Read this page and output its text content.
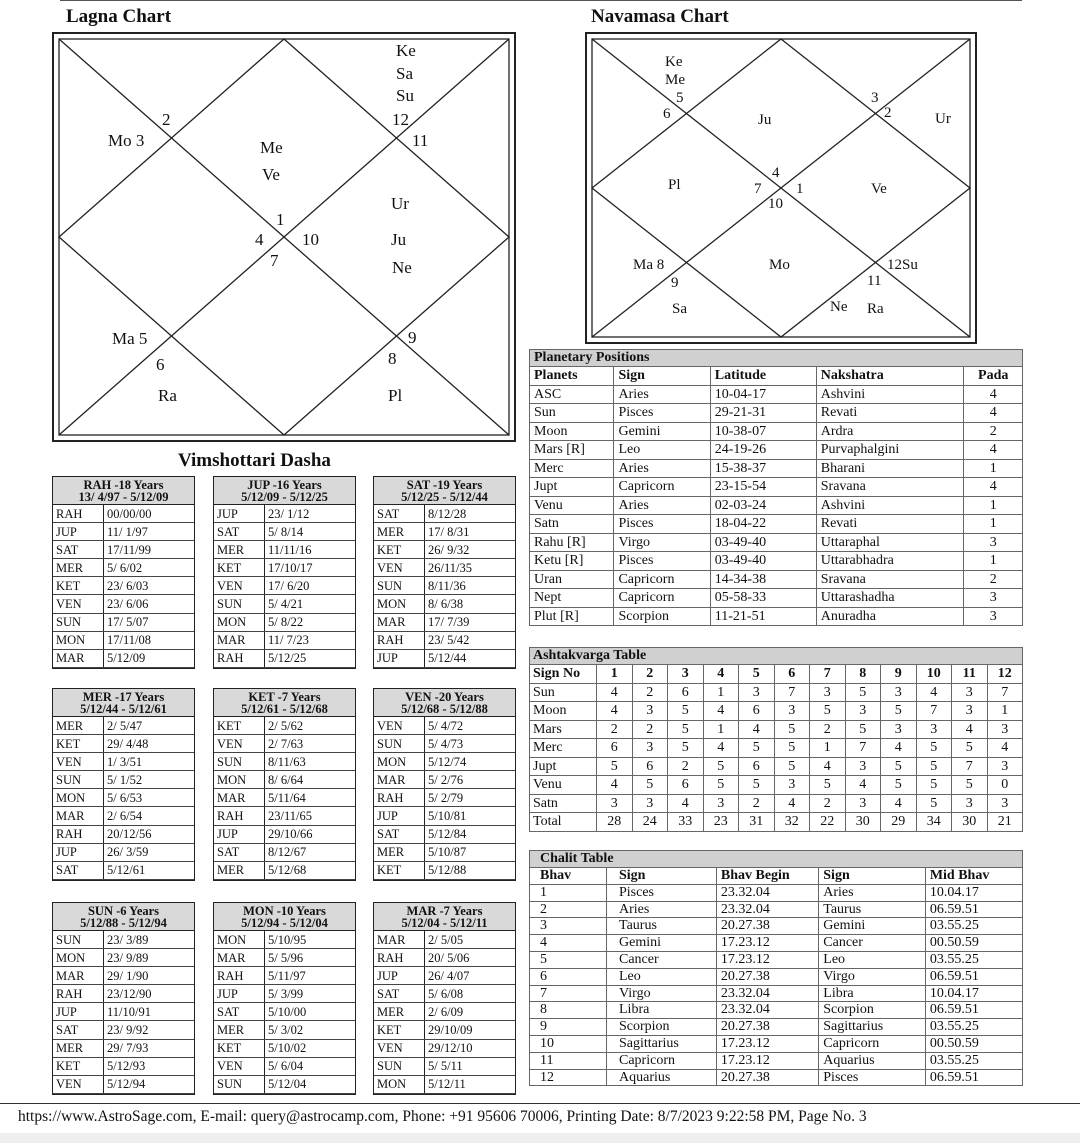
Lagna Chart
Ke
Sa
Su
12
11
2
Mo 3	Me
Ve
Ur
1
4 10	Ju
7	Ne
Ma 5
6
9
8
Ra	Pl
Navamasa Chart
Ke
Me
5
6	Ju
3
2	Ur
Pl
4
7 1
10
Ve
Ma 8	Mo	12Su
9	11
Sa	Ne Ra
Vimshottari Dasha
RAH -18 Years
13/ 4/97 - 5/12/09
RAH	00/00/00
JUP	11/ 1/97
SAT	17/11/99
MER	5/ 6/02
KET	23/ 6/03
VEN	23/ 6/06
SUN	17/ 5/07
MON	17/11/08
MAR	5/12/09
JUP -16 Years
5/12/09 - 5/12/25
JUP	23/ 1/12
SAT	5/ 8/14
MER	11/11/16
KET	17/10/17
VEN	17/ 6/20
SUN	5/ 4/21
MON	5/ 8/22
MAR	11/ 7/23
RAH	5/12/25
SAT -19 Years
5/12/25 - 5/12/44
SAT	8/12/28
MER	17/ 8/31
KET	26/ 9/32
VEN	26/11/35
SUN	8/11/36
MON	8/ 6/38
MAR	17/ 7/39
RAH	23/ 5/42
JUP	5/12/44
MER -17 Years
5/12/44 - 5/12/61
MER	2/ 5/47
KET	29/ 4/48
VEN	1/ 3/51
SUN	5/ 1/52
MON	5/ 6/53
MAR	2/ 6/54
RAH	20/12/56
JUP	26/ 3/59
SAT	5/12/61
KET -7 Years
5/12/61 - 5/12/68
KET	2/ 5/62
VEN	2/ 7/63
SUN	8/11/63
MON	8/ 6/64
MAR	5/11/64
RAH	23/11/65
JUP	29/10/66
SAT	8/12/67
MER	5/12/68
VEN -20 Years
5/12/68 - 5/12/88
VEN	5/ 4/72
SUN	5/ 4/73
MON	5/12/74
MAR	5/ 2/76
RAH	5/ 2/79
JUP	5/10/81
SAT	5/12/84
MER	5/10/87
KET	5/12/88
SUN -6 Years
5/12/88 - 5/12/94
SUN	23/ 3/89
MON	23/ 9/89
MAR	29/ 1/90
RAH	23/12/90
JUP	11/10/91
SAT	23/ 9/92
MER	29/ 7/93
KET	5/12/93
VEN	5/12/94
MON -10 Years
5/12/94 - 5/12/04
MON	5/10/95
MAR	5/ 5/96
RAH	5/11/97
JUP	5/ 3/99
SAT	5/10/00
MER	5/ 3/02
KET	5/10/02
VEN	5/ 6/04
SUN	5/12/04
MAR -7 Years
5/12/04 - 5/12/11
MAR	2/ 5/05
RAH	20/ 5/06
JUP	26/ 4/07
SAT	5/ 6/08
MER	2/ 6/09
KET	29/10/09
VEN	29/12/10
SUN	5/ 5/11
MON	5/12/11
Planetary Positions				
Planets	Sign	Latitude	Nakshatra	Pada
ASC	Aries	10-04-17	Ashvini	4
Sun	Pisces	29-21-31	Revati	4
Moon	Gemini	10-38-07	Ardra	2
Mars [R]	Leo	24-19-26	Purvaphalgini	4
Merc	Aries	15-38-37	Bharani	1
Jupt	Capricorn	23-15-54	Sravana	4
Venu	Aries	02-03-24	Ashvini	1
Satn	Pisces	18-04-22	Revati	1
Rahu [R]	Virgo	03-49-40	Uttaraphal	3
Ketu [R]	Pisces	03-49-40	Uttarabhadra	1
Uran	Capricorn	14-34-38	Sravana	2
Nept	Capricorn	05-58-33	Uttarashadha	3
Plut [R]	Scorpion	11-21-51	Anuradha	3
Ashtakvarga Table												
Sign No	1	2	3	4	5	6	7	8	9	10	11	12
Sun	4	2	6	1	3	7	3	5	3	4	3	7
Moon	4	3	5	4	6	3	5	3	5	7	3	1
Mars	2	2	5	1	4	5	2	5	3	3	4	3
Merc	6	3	5	4	5	5	1	7	4	5	5	4
Jupt	5	6	2	5	6	5	4	3	5	5	7	3
Venu	4	5	6	5	5	3	5	4	5	5	5	0
Satn	3	3	4	3	2	4	2	3	4	5	3	3
Total	28	24	33	23	31	32	22	30	29	34	30	21
Chalit Table				
Bhav	Sign	Bhav Begin	Sign	Mid Bhav
1	Pisces	23.32.04	Aries	10.04.17
2	Aries	23.32.04	Taurus	06.59.51
3	Taurus	20.27.38	Gemini	03.55.25
4	Gemini	17.23.12	Cancer	00.50.59
5	Cancer	17.23.12	Leo	03.55.25
6	Leo	20.27.38	Virgo	06.59.51
7	Virgo	23.32.04	Libra	10.04.17
8	Libra	23.32.04	Scorpion	06.59.51
9	Scorpion	20.27.38	Sagittarius	03.55.25
10	Sagittarius	17.23.12	Capricorn	00.50.59
11	Capricorn	17.23.12	Aquarius	03.55.25
12	Aquarius	20.27.38	Pisces	06.59.51
https://www.AstroSage.com, E-mail: query@astrocamp.com, Phone: +91 95606 70006, Printing Date: 8/7/2023 9:22:58 PM, Page No. 3
